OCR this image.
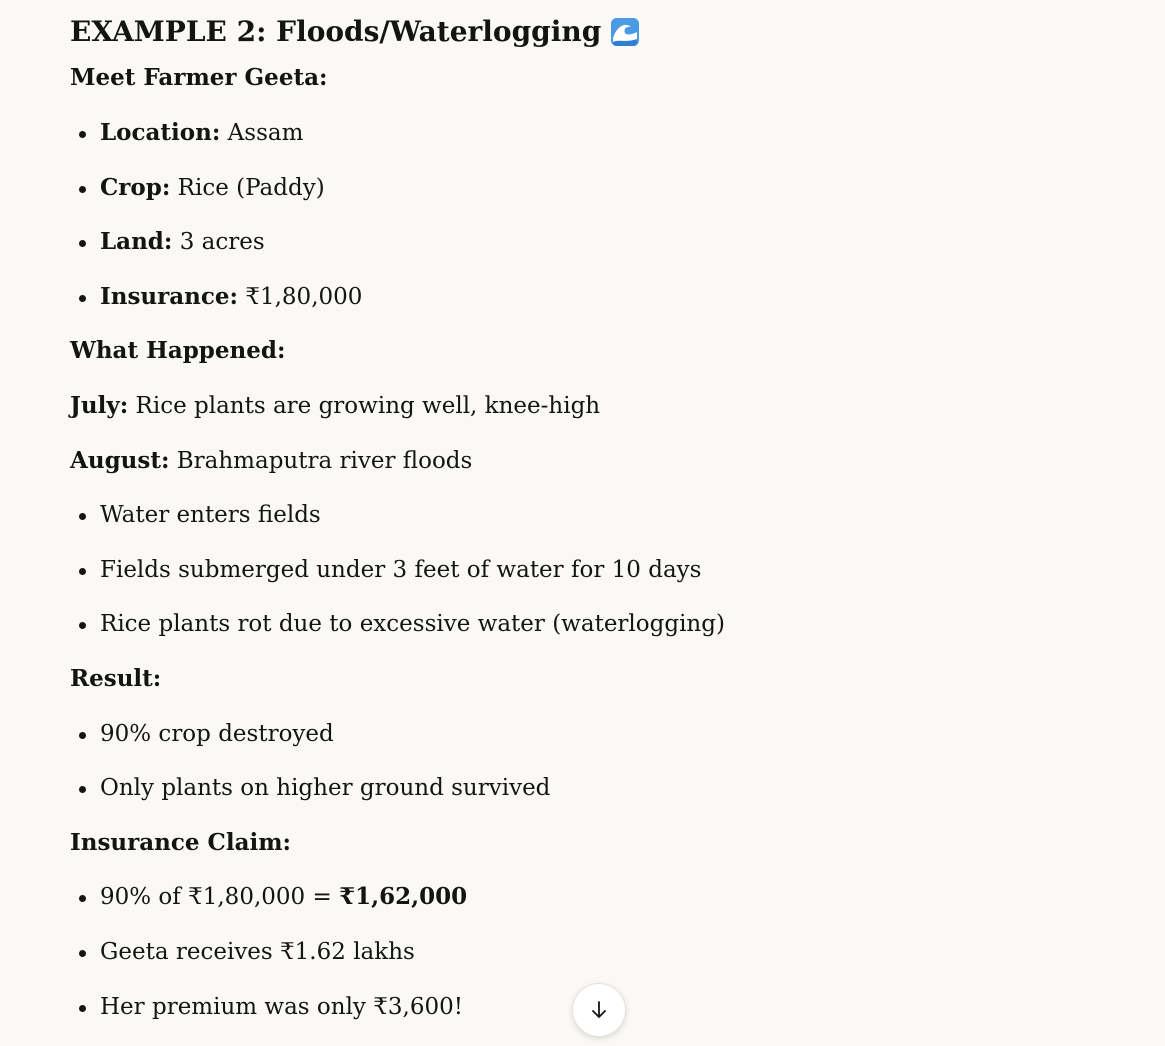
EXAMPLE 2: Floods/Waterlogging
Meet Farmer Geeta:
Location: Assam
Crop: Rice (Paddy)
Land: 3 acres
Insurance: ₹1,80,000
What Happened:
July: Rice plants are growing well, knee-high
August: Brahmaputra river floods
Water enters fields
Fields submerged under 3 feet of water for 10 days
Rice plants rot due to excessive water (waterlogging)
Result:
90% crop destroyed
Only plants on higher ground survived
Insurance Claim:
90% of ₹1,80,000 = ₹1,62,000
Geeta receives ₹1.62 lakhs
Her premium was only ₹3,600!
